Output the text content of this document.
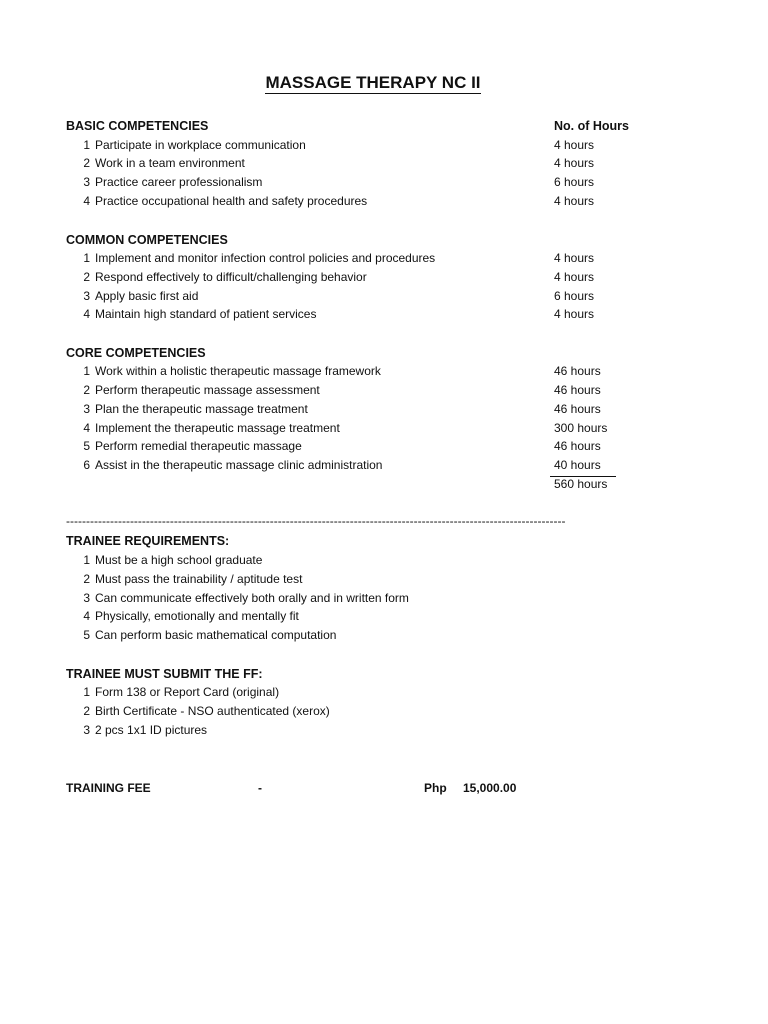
MASSAGE THERAPY NC II
BASIC COMPETENCIES	No. of Hours
1 Participate in workplace communication	4 hours
2 Work in a team environment	4 hours
3 Practice career professionalism	6 hours
4 Practice occupational health and safety procedures	4 hours
COMMON COMPETENCIES
1 Implement and monitor infection control policies and procedures	4 hours
2 Respond effectively to difficult/challenging behavior	4 hours
3 Apply basic first aid	6 hours
4 Maintain high standard of patient services	4 hours
CORE COMPETENCIES
1 Work within a holistic therapeutic massage framework	46 hours
2 Perform therapeutic massage assessment	46 hours
3 Plan the therapeutic massage treatment	46 hours
4 Implement the therapeutic massage treatment	300 hours
5 Perform remedial therapeutic massage	46 hours
6 Assist in the therapeutic massage clinic administration	40 hours
560 hours
-----------------------------------------------------------------------------------------------------------------------------
TRAINEE REQUIREMENTS:
1 Must be a high school graduate
2 Must pass the trainability / aptitude test
3 Can communicate effectively both orally and in written form
4 Physically, emotionally and mentally fit
5 Can perform basic mathematical computation
TRAINEE MUST SUBMIT THE FF:
1 Form 138 or Report Card (original)
2 Birth Certificate - NSO authenticated (xerox)
3 2 pcs 1x1 ID pictures
TRAINING FEE	-	Php 15,000.00
